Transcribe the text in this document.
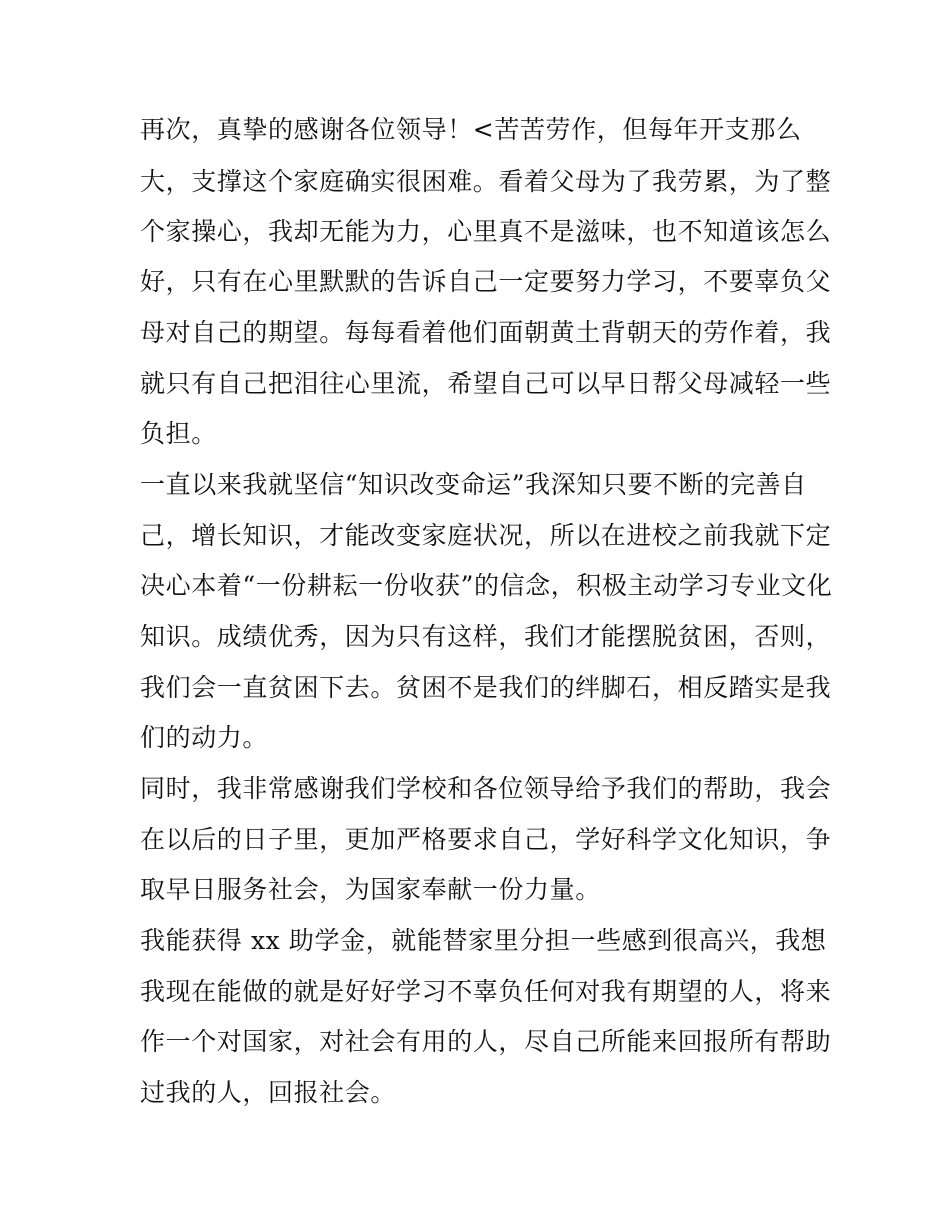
再次，真挚的感谢各位领导！<苦苦劳作，但每年开支那么
大，支撑这个家庭确实很困难。看着父母为了我劳累，为了整
个家操心，我却无能为力，心里真不是滋味，也不知道该怎么
好，只有在心里默默的告诉自己一定要努力学习，不要辜负父
母对自己的期望。每每看着他们面朝黄土背朝天的劳作着，我
就只有自己把泪往心里流，希望自己可以早日帮父母减轻一些
负担。
一直以来我就坚信“知识改变命运”我深知只要不断的完善自
己，增长知识，才能改变家庭状况，所以在进校之前我就下定
决心本着“一份耕耘一份收获”的信念，积极主动学习专业文化
知识。成绩优秀，因为只有这样，我们才能摆脱贫困，否则，
我们会一直贫困下去。贫困不是我们的绊脚石，相反踏实是我
们的动力。
同时，我非常感谢我们学校和各位领导给予我们的帮助，我会
在以后的日子里，更加严格要求自己，学好科学文化知识，争
取早日服务社会，为国家奉献一份力量。
我能获得 xx 助学金，就能替家里分担一些感到很高兴，我想
我现在能做的就是好好学习不辜负任何对我有期望的人，将来
作一个对国家，对社会有用的人，尽自己所能来回报所有帮助
过我的人，回报社会。
